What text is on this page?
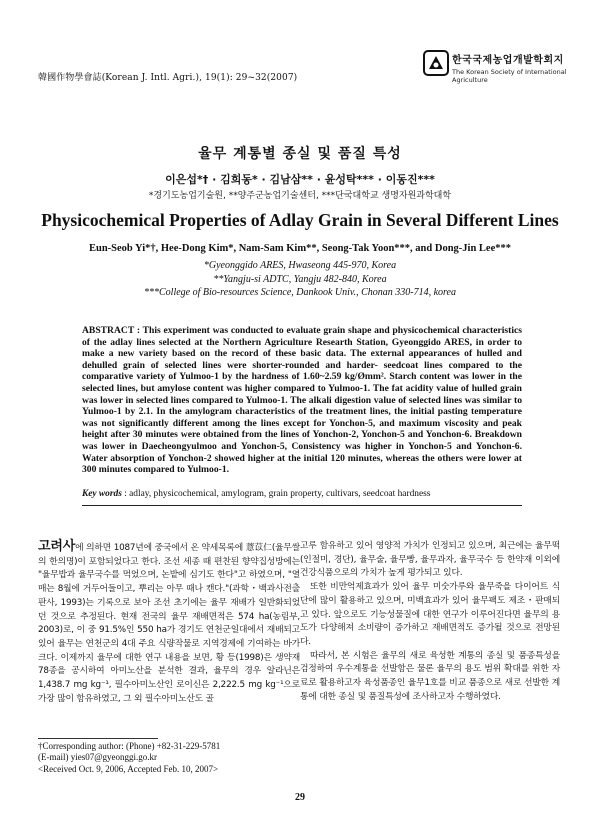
韓國作物學會誌(Korean J. Intl. Agri.), 19(1): 29~32(2007)
한국국제농업개발학회지
The Korean Society of International
Agriculture
율무 계통별 종실 및 품질 특성
이은섭*† · 김희동* · 김남삼** · 윤성탁*** · 이동진***
*경기도농업기술원, **양주군농업기술센터, ***단국대학교 생명자원과학대학
Physicochemical Properties of Adlay Grain in Several Different Lines
Eun-Seob Yi*†, Hee-Dong Kim*, Nam-Sam Kim**, Seong-Tak Yoon***, and Dong-Jin Lee***
*Gyeonggido ARES, Hwaseong 445-970, Korea
**Yangju-si ADTC, Yangju 482-840, Korea
***College of Bio-resources Science, Dankook Univ., Chonan 330-714, korea
ABSTRACT : This experiment was conducted to evaluate grain shape and physicochemical characteristics of the adlay lines selected at the Northern Agriculture Researth Station, Gyeonggido ARES, in order to make a new variety based on the record of these basic data. The external appearances of hulled and dehulled grain of selected lines were shorter-rounded and harder- seedcoat lines compared to the comparative variety of Yulmoo-1 by the hardness of 1.60~2.59 kg/Ømm². Starch content was lower in the selected lines, but amylose content was higher compared to Yulmoo-1. The fat acidity value of hulled grain was lower in selected lines compared to Yulmoo-1. The alkali digestion value of selected lines was similar to Yulmoo-1 by 2.1. In the amylogram characteristics of the treatment lines, the initial pasting temperature was not significantly different among the lines except for Yonchon-5, and maximum viscosity and peak height after 30 minutes were obtained from the lines of Yonchon-2, Yonchon-5 and Yonchon-6. Breakdown was lower in Daecheongyulmoo and Yonchon-5, Consistency was higher in Yonchon-5 and Yonchon-6. Water absorption of Yonchon-2 showed higher at the initial 120 minutes, whereas the others were lower at 300 minutes compared to Yulmoo-1.
Key words : adlay, physicochemical, amylogram, grain property, cultivars, seedcoat hardness

고려사에 의하면 1087년에 중국에서 온 약세목록에 薏苡仁(율무쌀의 한의명)이 포함되었다고 한다. 조선 세종 때 편찬된 향약집성방에는 "율무밥과 율무국수를 먹었으며, 논밭에 심기도 한다"고 하였으며, "열매는 8월에 거두어들이고, 뿌리는 아무 때나 캔다."(과학・백과사전출판사, 1993)는 기록으로 보아 조선 초기에는 율무 재배가 일반화되었던 것으로 추정된다. 현재 전국의 율무 재배면적은 574 ha(농림부, 2003)로, 이 중 91.5%인 550 ha가 경기도 연천군일대에서 재배되고 있어 율무는 연천군의 4대 주요 식량작물로 지역경제에 기여하는 바가 크다. 이제까지 율무에 대한 연구 내용을 보면, 황 등(1998)은 생약재 78종을 공시하여 아미노산을 분석한 결과, 율무의 경우 알라닌은 1,438.7 mg kg⁻¹, 필수아미노산인 로이신은 2,222.5 mg kg⁻¹으로 가장 많이 함유하였고, 그 외 필수아미노산도 골

고루 함유하고 있어 영양적 가치가 인정되고 있으며, 최근에는 율무떡(인절미, 경단), 율무술, 율무빵, 율무과자, 율무국수 등 한약재 이외에 건강식품으로의 가치가 높게 평가되고 있다.

또한 비만억제효과가 있어 율무 미숫가루와 율무죽을 다이어트 식단에 많이 활용하고 있으며, 미백효과가 있어 율무팩도 제조・판매되고 있다. 앞으로도 기능성물질에 대한 연구가 이루어진다면 율무의 용도가 다양해져 소비량이 증가하고 재배면적도 증가될 것으로 전망된다.

따라서, 본 시험은 율무의 새로 육성한 계통의 종실 및 품종특성을 검정하여 우수계통을 선발함은 물론 율무의 용도 범위 확대를 위한 자료로 활용하고자 육성품종인 율무1호를 비교 품종으로 새로 선발한 계통에 대한 종실 및 품질특성에 조사하고자 수행하였다.

†Corresponding author: (Phone) +82-31-229-5781
(E-mail) yies07@gyeonggi.go.kr
<Received Oct. 9, 2006, Accepted Feb. 10, 2007>
29
